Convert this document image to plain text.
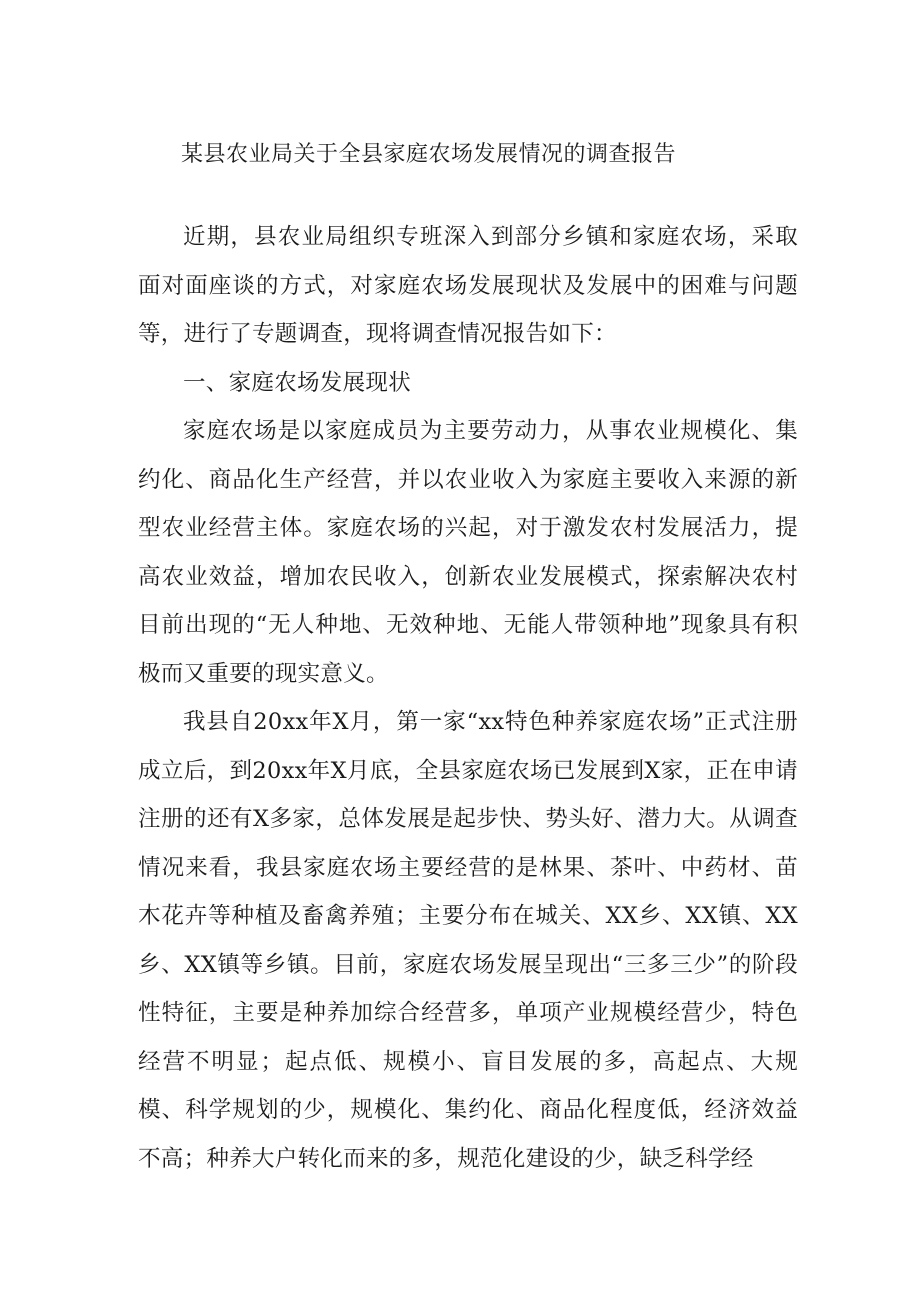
某县农业局关于全县家庭农场发展情况的调查报告

近期，县农业局组织专班深入到部分乡镇和家庭农场，采取面对面座谈的方式，对家庭农场发展现状及发展中的困难与问题等，进行了专题调查，现将调查情况报告如下：

一、家庭农场发展现状

家庭农场是以家庭成员为主要劳动力，从事农业规模化、集约化、商品化生产经营，并以农业收入为家庭主要收入来源的新型农业经营主体。家庭农场的兴起，对于激发农村发展活力，提高农业效益，增加农民收入，创新农业发展模式，探索解决农村目前出现的“无人种地、无效种地、无能人带领种地”现象具有积极而又重要的现实意义。

我县自20xx年X月，第一家“xx特色种养家庭农场”正式注册成立后，到20xx年X月底，全县家庭农场已发展到X家，正在申请注册的还有X多家，总体发展是起步快、势头好、潜力大。从调查情况来看，我县家庭农场主要经营的是林果、茶叶、中药材、苗木花卉等种植及畜禽养殖；主要分布在城关、XX乡、XX镇、XX乡、XX镇等乡镇。目前，家庭农场发展呈现出“三多三少”的阶段性特征，主要是种养加综合经营多，单项产业规模经营少，特色经营不明显；起点低、规模小、盲目发展的多，高起点、大规模、科学规划的少，规模化、集约化、商品化程度低，经济效益不高；种养大户转化而来的多，规范化建设的少，缺乏科学经
